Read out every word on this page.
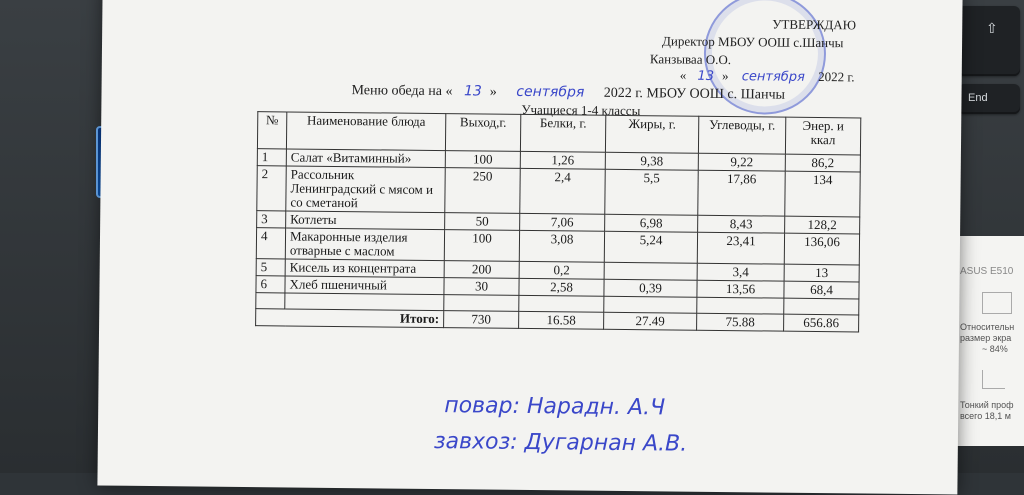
End
⇧
ASUS E510
Относительн
размер экра
~ 84%
Тонкий проф
всего 18,1 м
УТВЕРЖДАЮ
Директор МБОУ ООШ с.Шанчы
Канзываа О.О.
« 13 » сентября 2022 г.
Меню обеда на « 13 » сентября 2022 г. МБОУ ООШ с. Шанчы
Учащиеся 1-4 классы
№	Наименование блюда	Выход,г.	Белки, г.	Жиры, г.	Углеводы, г.	Энер. и ккал
1	Салат «Витаминный»	100	1,26	9,38	9,22	86,2
2	Рассольник Ленинградский с мясом и со сметаной	250	2,4	5,5	17,86	134
3	Котлеты	50	7,06	6,98	8,43	128,2
4	Макаронные изделия отварные с маслом	100	3,08	5,24	23,41	136,06
5	Кисель из концентрата	200	0,2		3,4	13
6	Хлеб пшеничный	30	2,58	0,39	13,56	68,4

Итого:		730	16.58	27.49	75.88	656.86
повар: Нарадн. А.Ч
завхоз: Дугарнан А.В.
